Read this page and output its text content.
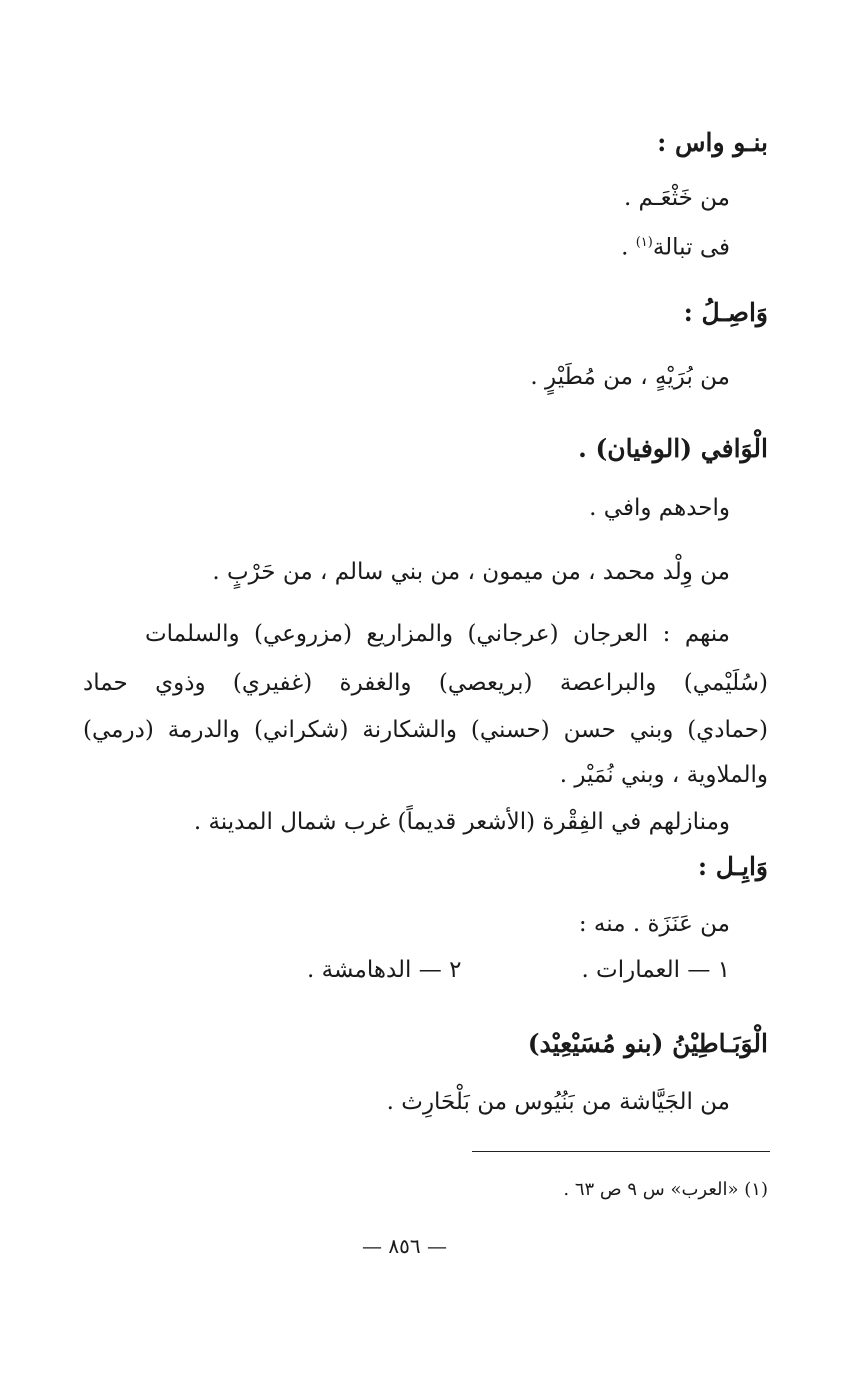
بنـو واس :
من خَثْعَـم .
فى تبالة$^{(١)}$ .
وَاصِـلُ :
من بُرَيْهٍ ، من مُطَيْرٍ .
الْوَافي (الوفيان) .
واحدهم وافي .
من وِلْد محمد ، من ميمون ، من بني سالم ، من حَرْبٍ .
منهم : العرجان (عرجاني) والمزاريع (مزروعي) والسلمات
(سُلَيْمي) والبراعصة (بريعصي) والغفرة (غفيري) وذوي حماد
(حمادي) وبني حسن (حسني) والشكارنة (شكراني) والدرمة (درمي)
والملاوية ، وبني نُمَيْر .
ومنازلهم في الفِقْرة (الأشعر قديماً) غرب شمال المدينة .
وَايِـل :
من عَنَزَة . منه :
١ — العمارات .٢ — الدهامشة .
الْوَبَـاطِيْنُ (بنو مُسَيْعِيْد)
من الجَيَّاشة من بَنُيُوس من بَلْحَارِث .
(١) «العرب» س ٩ ص ٦٣ .
— ٨٥٦ —
